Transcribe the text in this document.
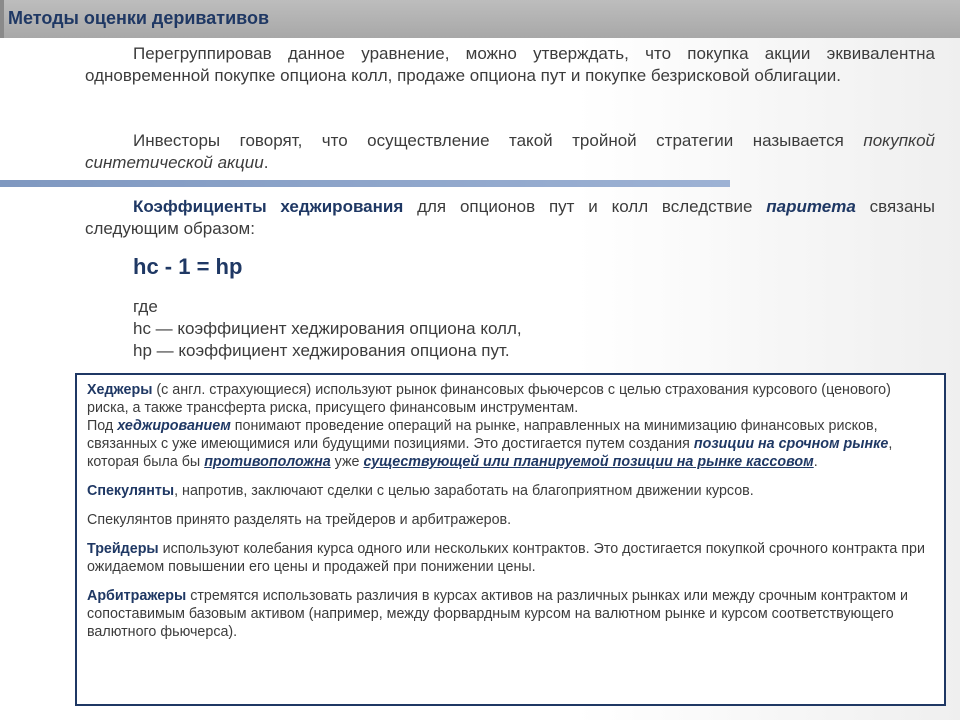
Методы оценки деривативов
Перегруппировав данное уравнение, можно утверждать, что покупка акции эквивалентна одновременной покупке опциона колл, продаже опциона пут и покупке безрисковой облигации.
Инвесторы говорят, что осуществление такой тройной стратегии называется покупкой синтетической акции.
Коэффициенты хеджирования для опционов пут и колл вследствие паритета связаны следующим образом:
hc - 1 = hp
где
hc — коэффициент хеджирования опциона колл,
hp — коэффициент хеджирования опциона пут.

Хеджеры (с англ. страхующиеся) используют рынок финансовых фьючерсов с целью страхования курсового (ценового) риска, а также трансферта риска, присущего финансовым инструментам.
Под хеджированием понимают проведение операций на рынке, направленных на минимизацию финансовых рисков, связанных с уже имеющимися или будущими позициями. Это достигается путем создания позиции на срочном рынке, которая была бы противоположна уже существующей или планируемой позиции на рынке кассовом.

Спекулянты, напротив, заключают сделки с целью заработать на благоприятном движении курсов.

Спекулянтов принято разделять на трейдеров и арбитражеров.

Трейдеры используют колебания курса одного или нескольких контрактов. Это достигается покупкой срочного контракта при ожидаемом повышении его цены и продажей при понижении цены.

Арбитражеры стремятся использовать различия в курсах активов на различных рынках или между срочным контрактом и сопоставимым базовым активом (например, между форвардным курсом на валютном рынке и курсом соответствующего валютного фьючерса).
